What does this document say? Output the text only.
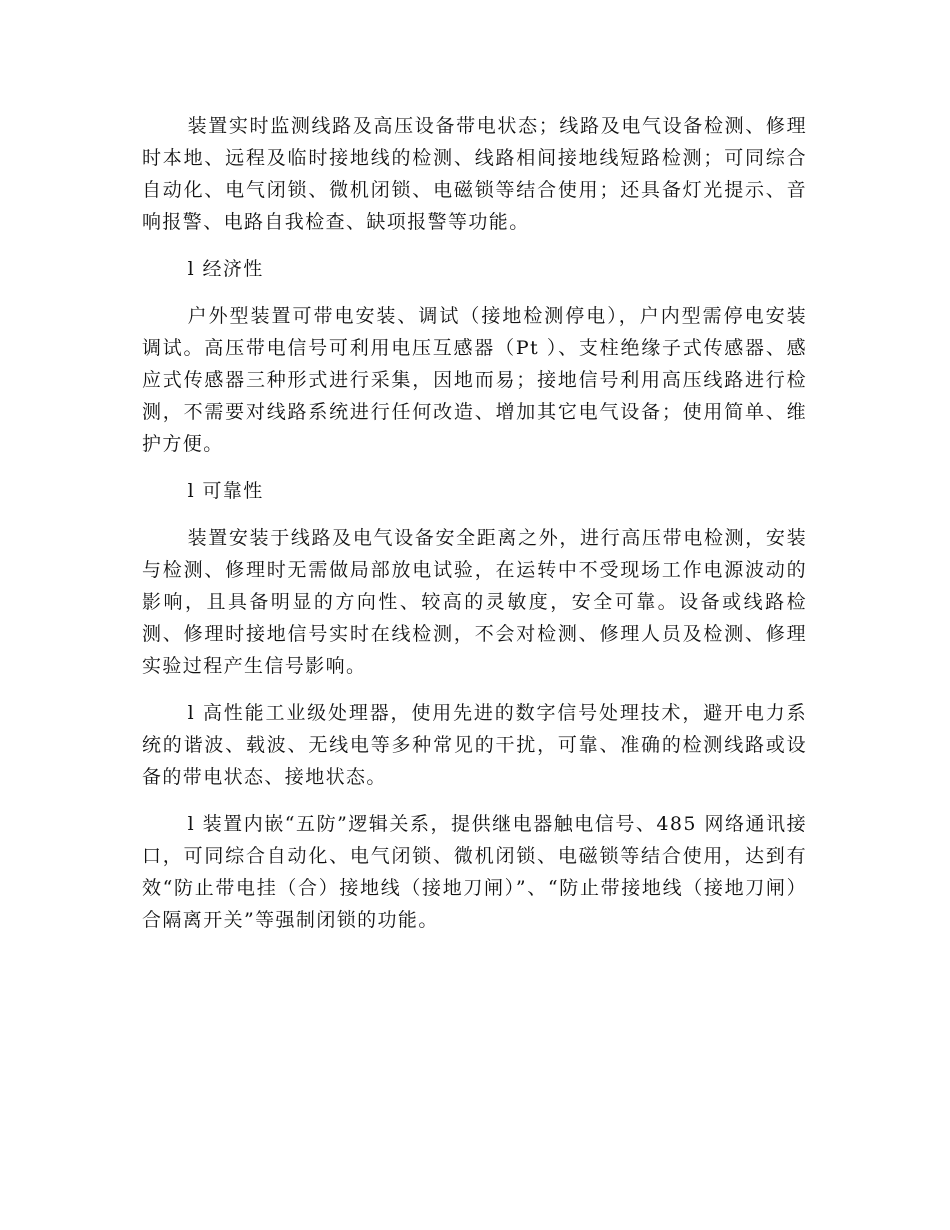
装置实时监测线路及高压设备带电状态；线路及电气设备检测、修理时本地、远程及临时接地线的检测、线路相间接地线短路检测；可同综合自动化、电气闭锁、微机闭锁、电磁锁等结合使用；还具备灯光提示、音响报警、电路自我检查、缺项报警等功能。

l 经济性

户外型装置可带电安装、调试（接地检测停电），户内型需停电安装调试。高压带电信号可利用电压互感器（Pt ）、支柱绝缘子式传感器、感应式传感器三种形式进行采集，因地而易；接地信号利用高压线路进行检测，不需要对线路系统进行任何改造、增加其它电气设备；使用简单、维护方便。

l 可靠性

装置安装于线路及电气设备安全距离之外，进行高压带电检测，安装与检测、修理时无需做局部放电试验，在运转中不受现场工作电源波动的影响，且具备明显的方向性、较高的灵敏度，安全可靠。设备或线路检测、修理时接地信号实时在线检测，不会对检测、修理人员及检测、修理实验过程产生信号影响。

l 高性能工业级处理器，使用先进的数字信号处理技术，避开电力系统的谐波、载波、无线电等多种常见的干扰，可靠、准确的检测线路或设备的带电状态、接地状态。

l 装置内嵌“五防”逻辑关系，提供继电器触电信号、485 网络通讯接口，可同综合自动化、电气闭锁、微机闭锁、电磁锁等结合使用，达到有效“防止带电挂（合）接地线（接地刀闸）”、“防止带接地线（接地刀闸）合隔离开关”等强制闭锁的功能。
